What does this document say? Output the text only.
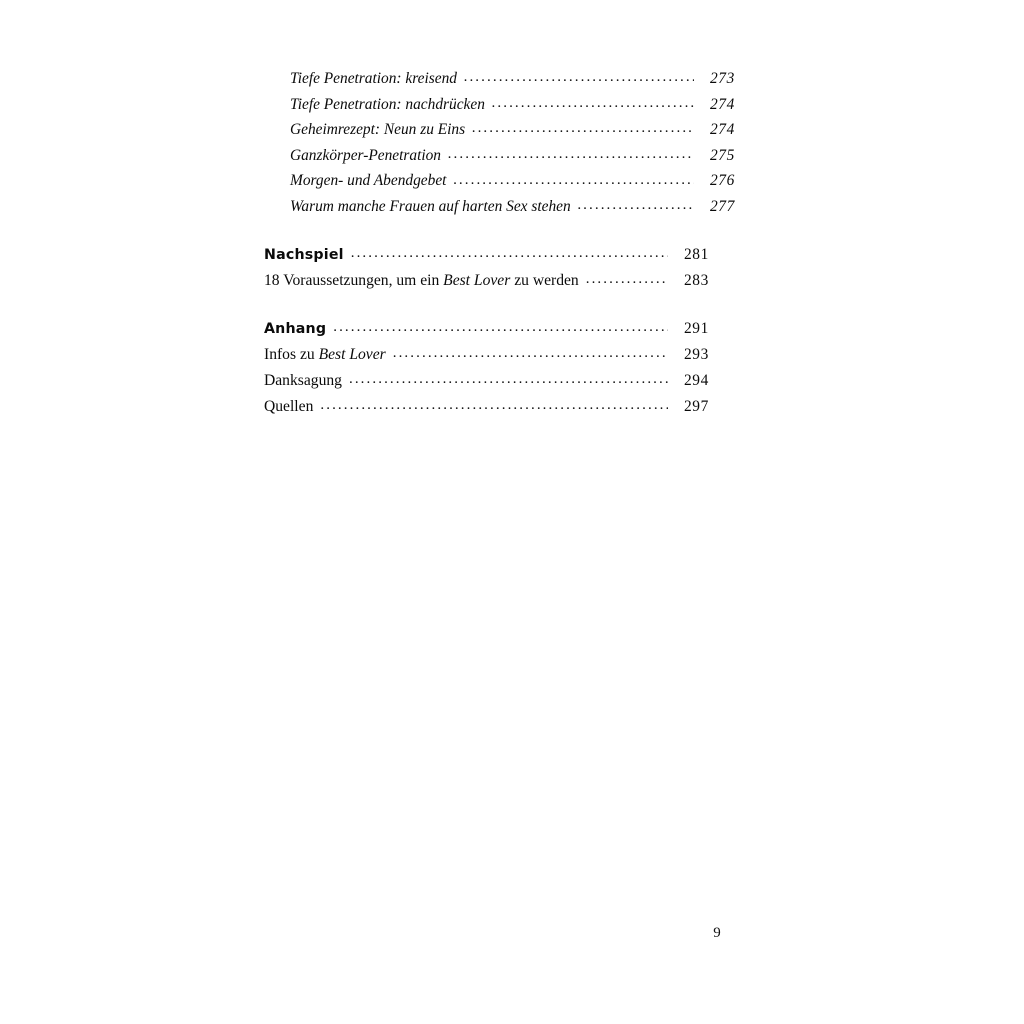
Tiefe Penetration: kreisend .....	273
Tiefe Penetration: nachdrücken .....	274
Geheimrezept: Neun zu Eins .....	274
Ganzkörper-Penetration .....	275
Morgen- und Abendgebet .....	276
Warum manche Frauen auf harten Sex stehen .....	277
Nachspiel .....	281
18 Voraussetzungen, um ein Best Lover zu werden .....	283
Anhang .....	291
Infos zu Best Lover .....	293
Danksagung .....	294
Quellen .....	297
9
